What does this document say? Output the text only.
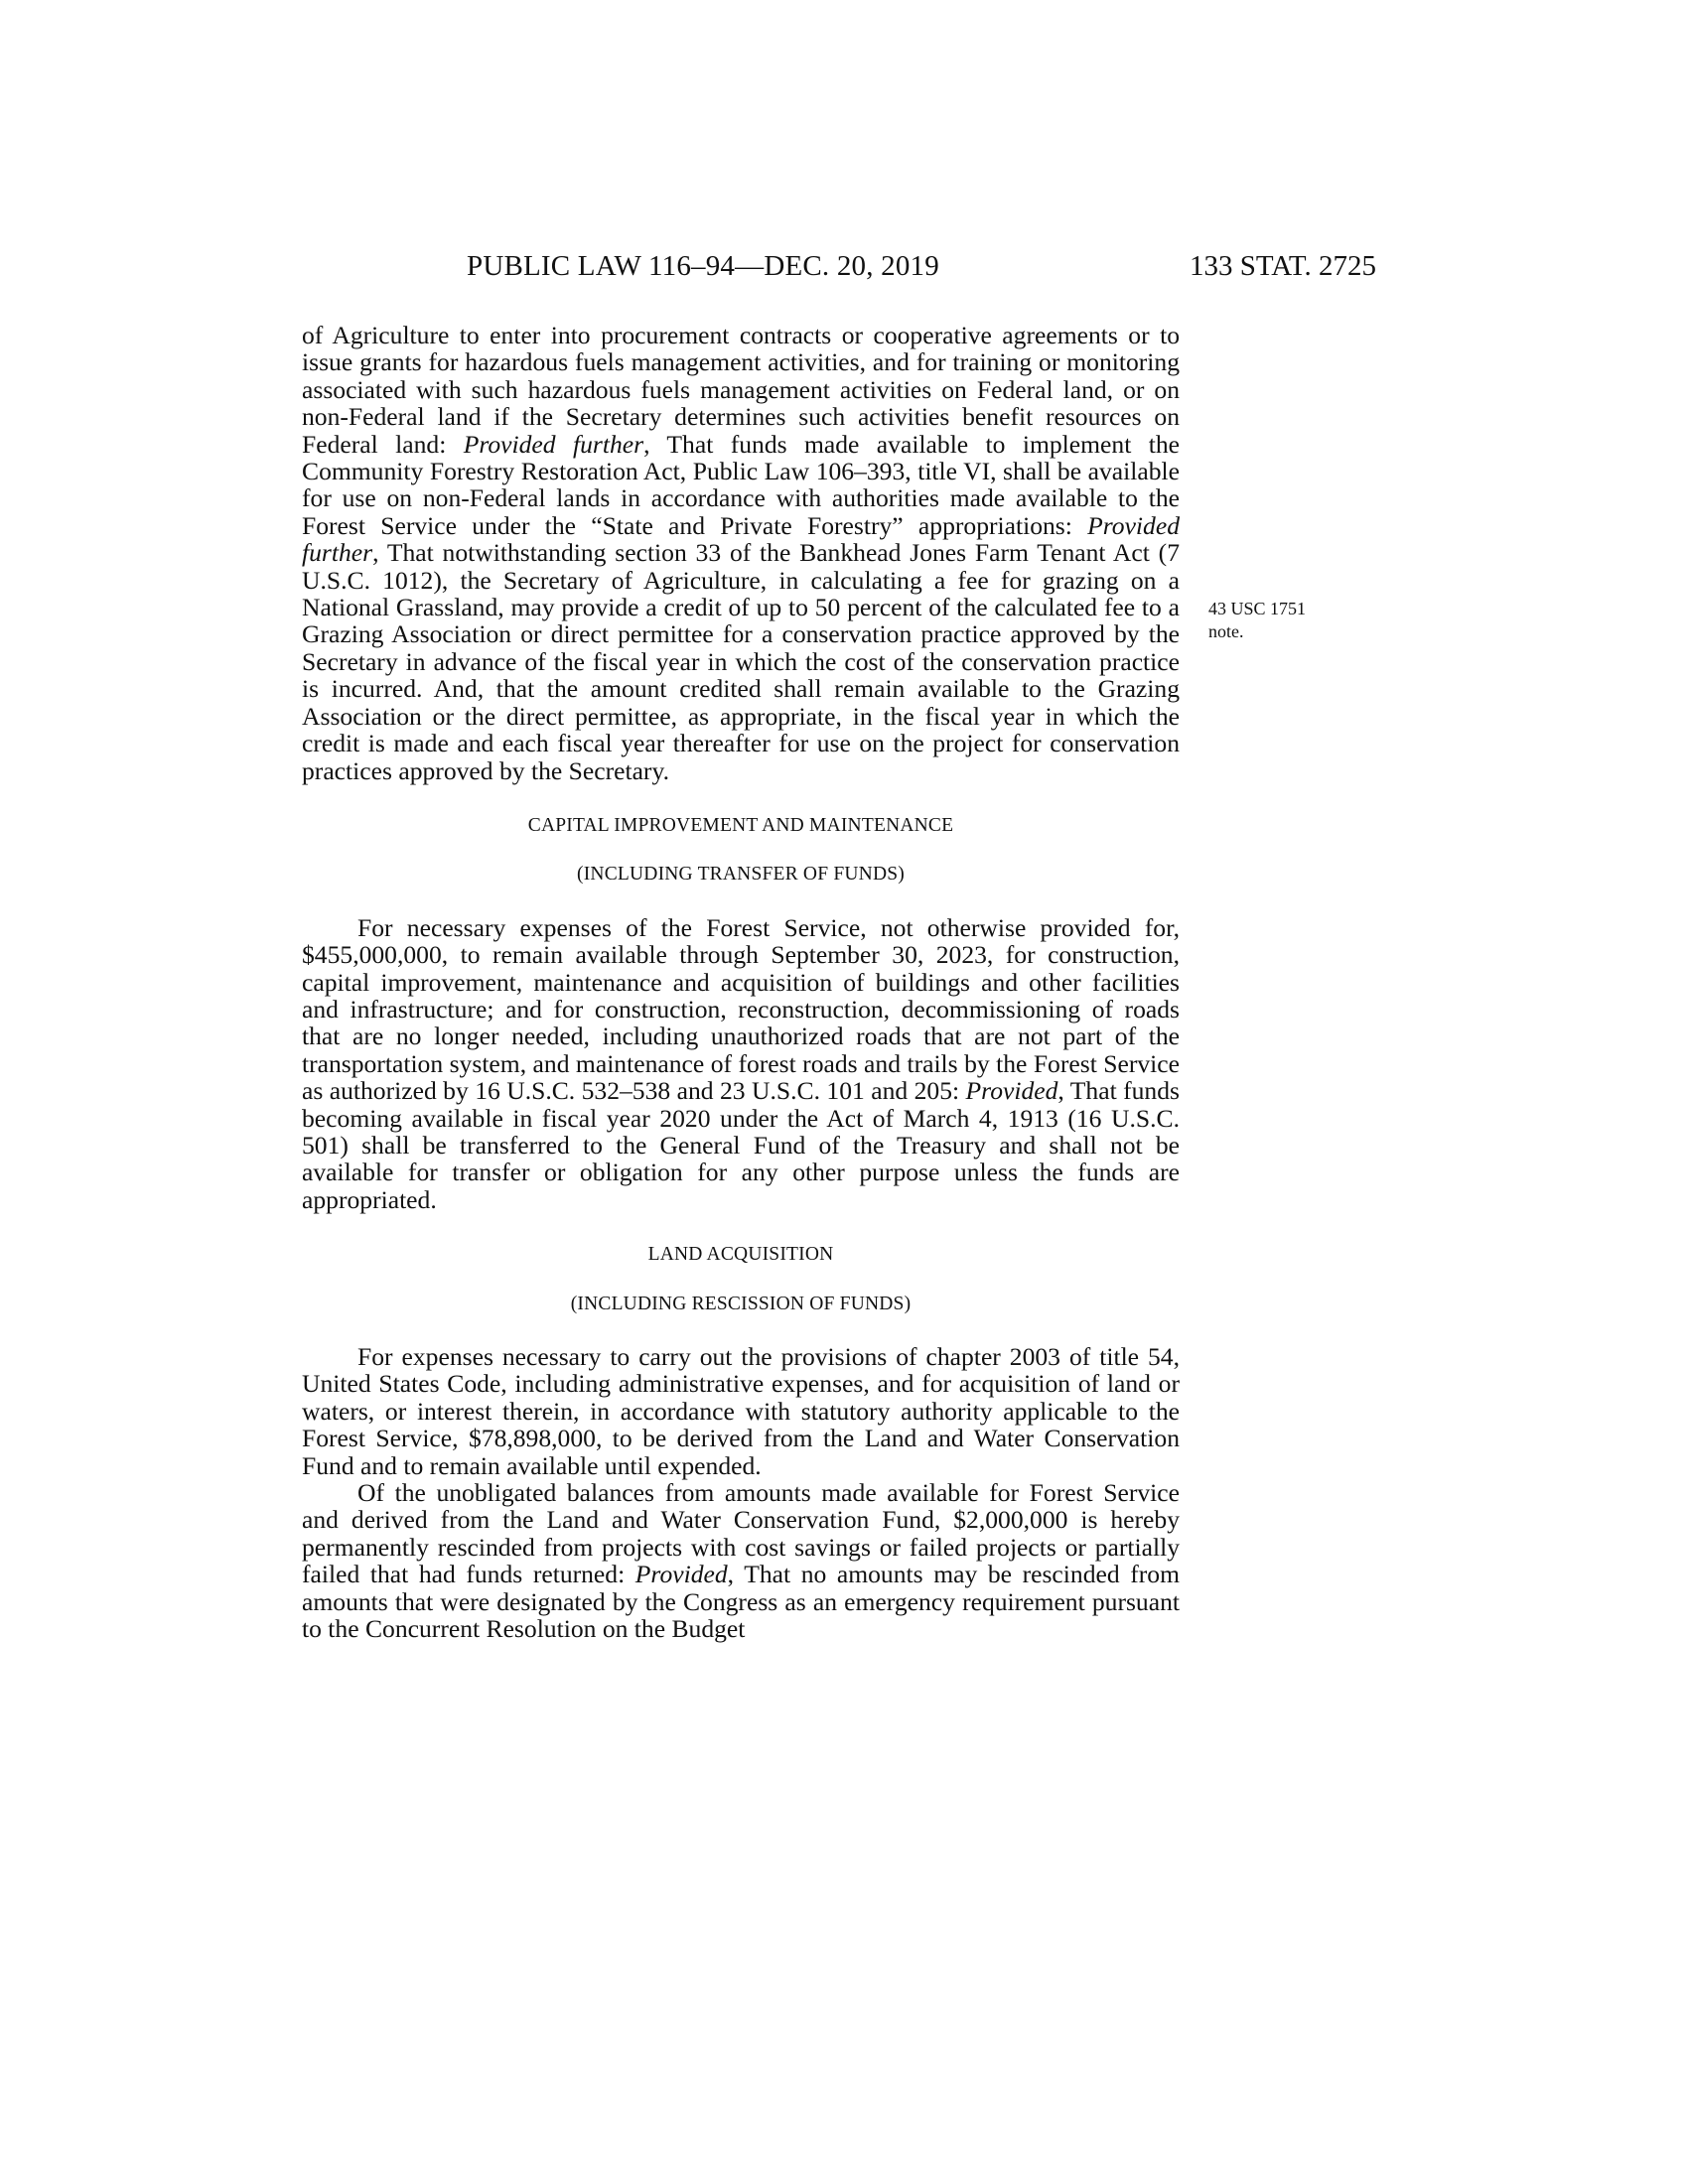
PUBLIC LAW 116–94—DEC. 20, 2019	133 STAT. 2725
43 USC 1751
note.

of Agriculture to enter into procurement contracts or cooperative agreements or to issue grants for hazardous fuels management activities, and for training or monitoring associated with such hazardous fuels management activities on Federal land, or on non-Federal land if the Secretary determines such activities benefit resources on Federal land: Provided further, That funds made available to implement the Community Forestry Restoration Act, Public Law 106–393, title VI, shall be available for use on non-Federal lands in accordance with authorities made available to the Forest Service under the “State and Private Forestry” appropriations: Provided further, That notwithstanding section 33 of the Bankhead Jones Farm Tenant Act (7 U.S.C. 1012), the Secretary of Agriculture, in calculating a fee for grazing on a National Grassland, may provide a credit of up to 50 percent of the calculated fee to a Grazing Association or direct permittee for a conservation practice approved by the Secretary in advance of the fiscal year in which the cost of the conservation practice is incurred. And, that the amount credited shall remain available to the Grazing Association or the direct permittee, as appropriate, in the fiscal year in which the credit is made and each fiscal year thereafter for use on the project for conservation practices approved by the Secretary.

CAPITAL IMPROVEMENT AND MAINTENANCE

(INCLUDING TRANSFER OF FUNDS)

For necessary expenses of the Forest Service, not otherwise provided for, $455,000,000, to remain available through September 30, 2023, for construction, capital improvement, maintenance and acquisition of buildings and other facilities and infrastructure; and for construction, reconstruction, decommissioning of roads that are no longer needed, including unauthorized roads that are not part of the transportation system, and maintenance of forest roads and trails by the Forest Service as authorized by 16 U.S.C. 532–538 and 23 U.S.C. 101 and 205: Provided, That funds becoming available in fiscal year 2020 under the Act of March 4, 1913 (16 U.S.C. 501) shall be transferred to the General Fund of the Treasury and shall not be available for transfer or obligation for any other purpose unless the funds are appropriated.

LAND ACQUISITION

(INCLUDING RESCISSION OF FUNDS)

For expenses necessary to carry out the provisions of chapter 2003 of title 54, United States Code, including administrative expenses, and for acquisition of land or waters, or interest therein, in accordance with statutory authority applicable to the Forest Service, $78,898,000, to be derived from the Land and Water Conservation Fund and to remain available until expended.

Of the unobligated balances from amounts made available for Forest Service and derived from the Land and Water Conservation Fund, $2,000,000 is hereby permanently rescinded from projects with cost savings or failed projects or partially failed that had funds returned: Provided, That no amounts may be rescinded from amounts that were designated by the Congress as an emergency requirement pursuant to the Concurrent Resolution on the Budget
